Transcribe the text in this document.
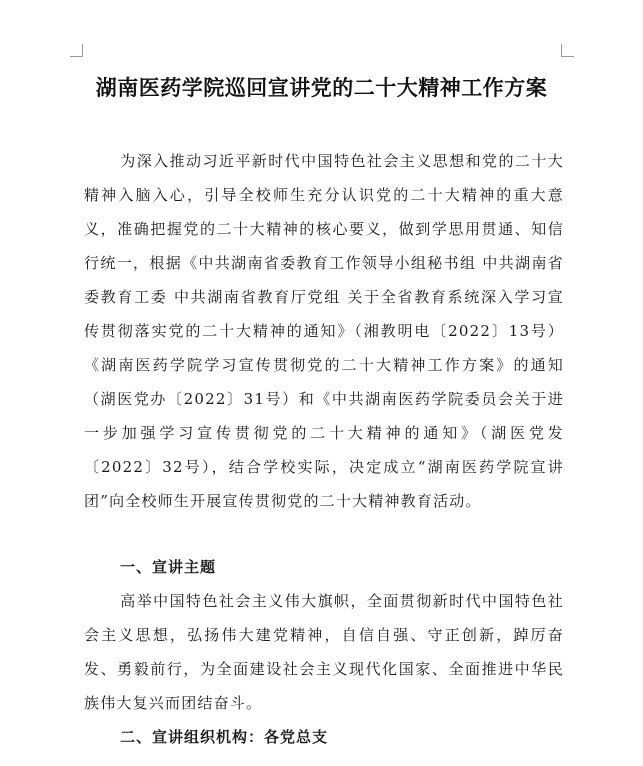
湖南医药学院巡回宣讲党的二十大精神工作方案

为深入推动习近平新时代中国特色社会主义思想和党的二十大精神入脑入心，引导全校师生充分认识党的二十大精神的重大意义，准确把握党的二十大精神的核心要义，做到学思用贯通、知信行统一，根据《中共湖南省委教育工作领导小组秘书组 中共湖南省委教育工委 中共湖南省教育厅党组 关于全省教育系统深入学习宣传贯彻落实党的二十大精神的通知》（湘教明电〔2022〕13号）《湖南医药学院学习宣传贯彻党的二十大精神工作方案》的通知（湖医党办〔2022〕31号）和《中共湖南医药学院委员会关于进一步加强学习宣传贯彻党的二十大精神的通知》（湖医党发〔2022〕32号），结合学校实际，决定成立“湖南医药学院宣讲团”向全校师生开展宣传贯彻党的二十大精神教育活动。

一、宣讲主题

高举中国特色社会主义伟大旗帜，全面贯彻新时代中国特色社会主义思想，弘扬伟大建党精神，自信自强、守正创新，踔厉奋发、勇毅前行，为全面建设社会主义现代化国家、全面推进中华民族伟大复兴而团结奋斗。

二、宣讲组织机构：各党总支
